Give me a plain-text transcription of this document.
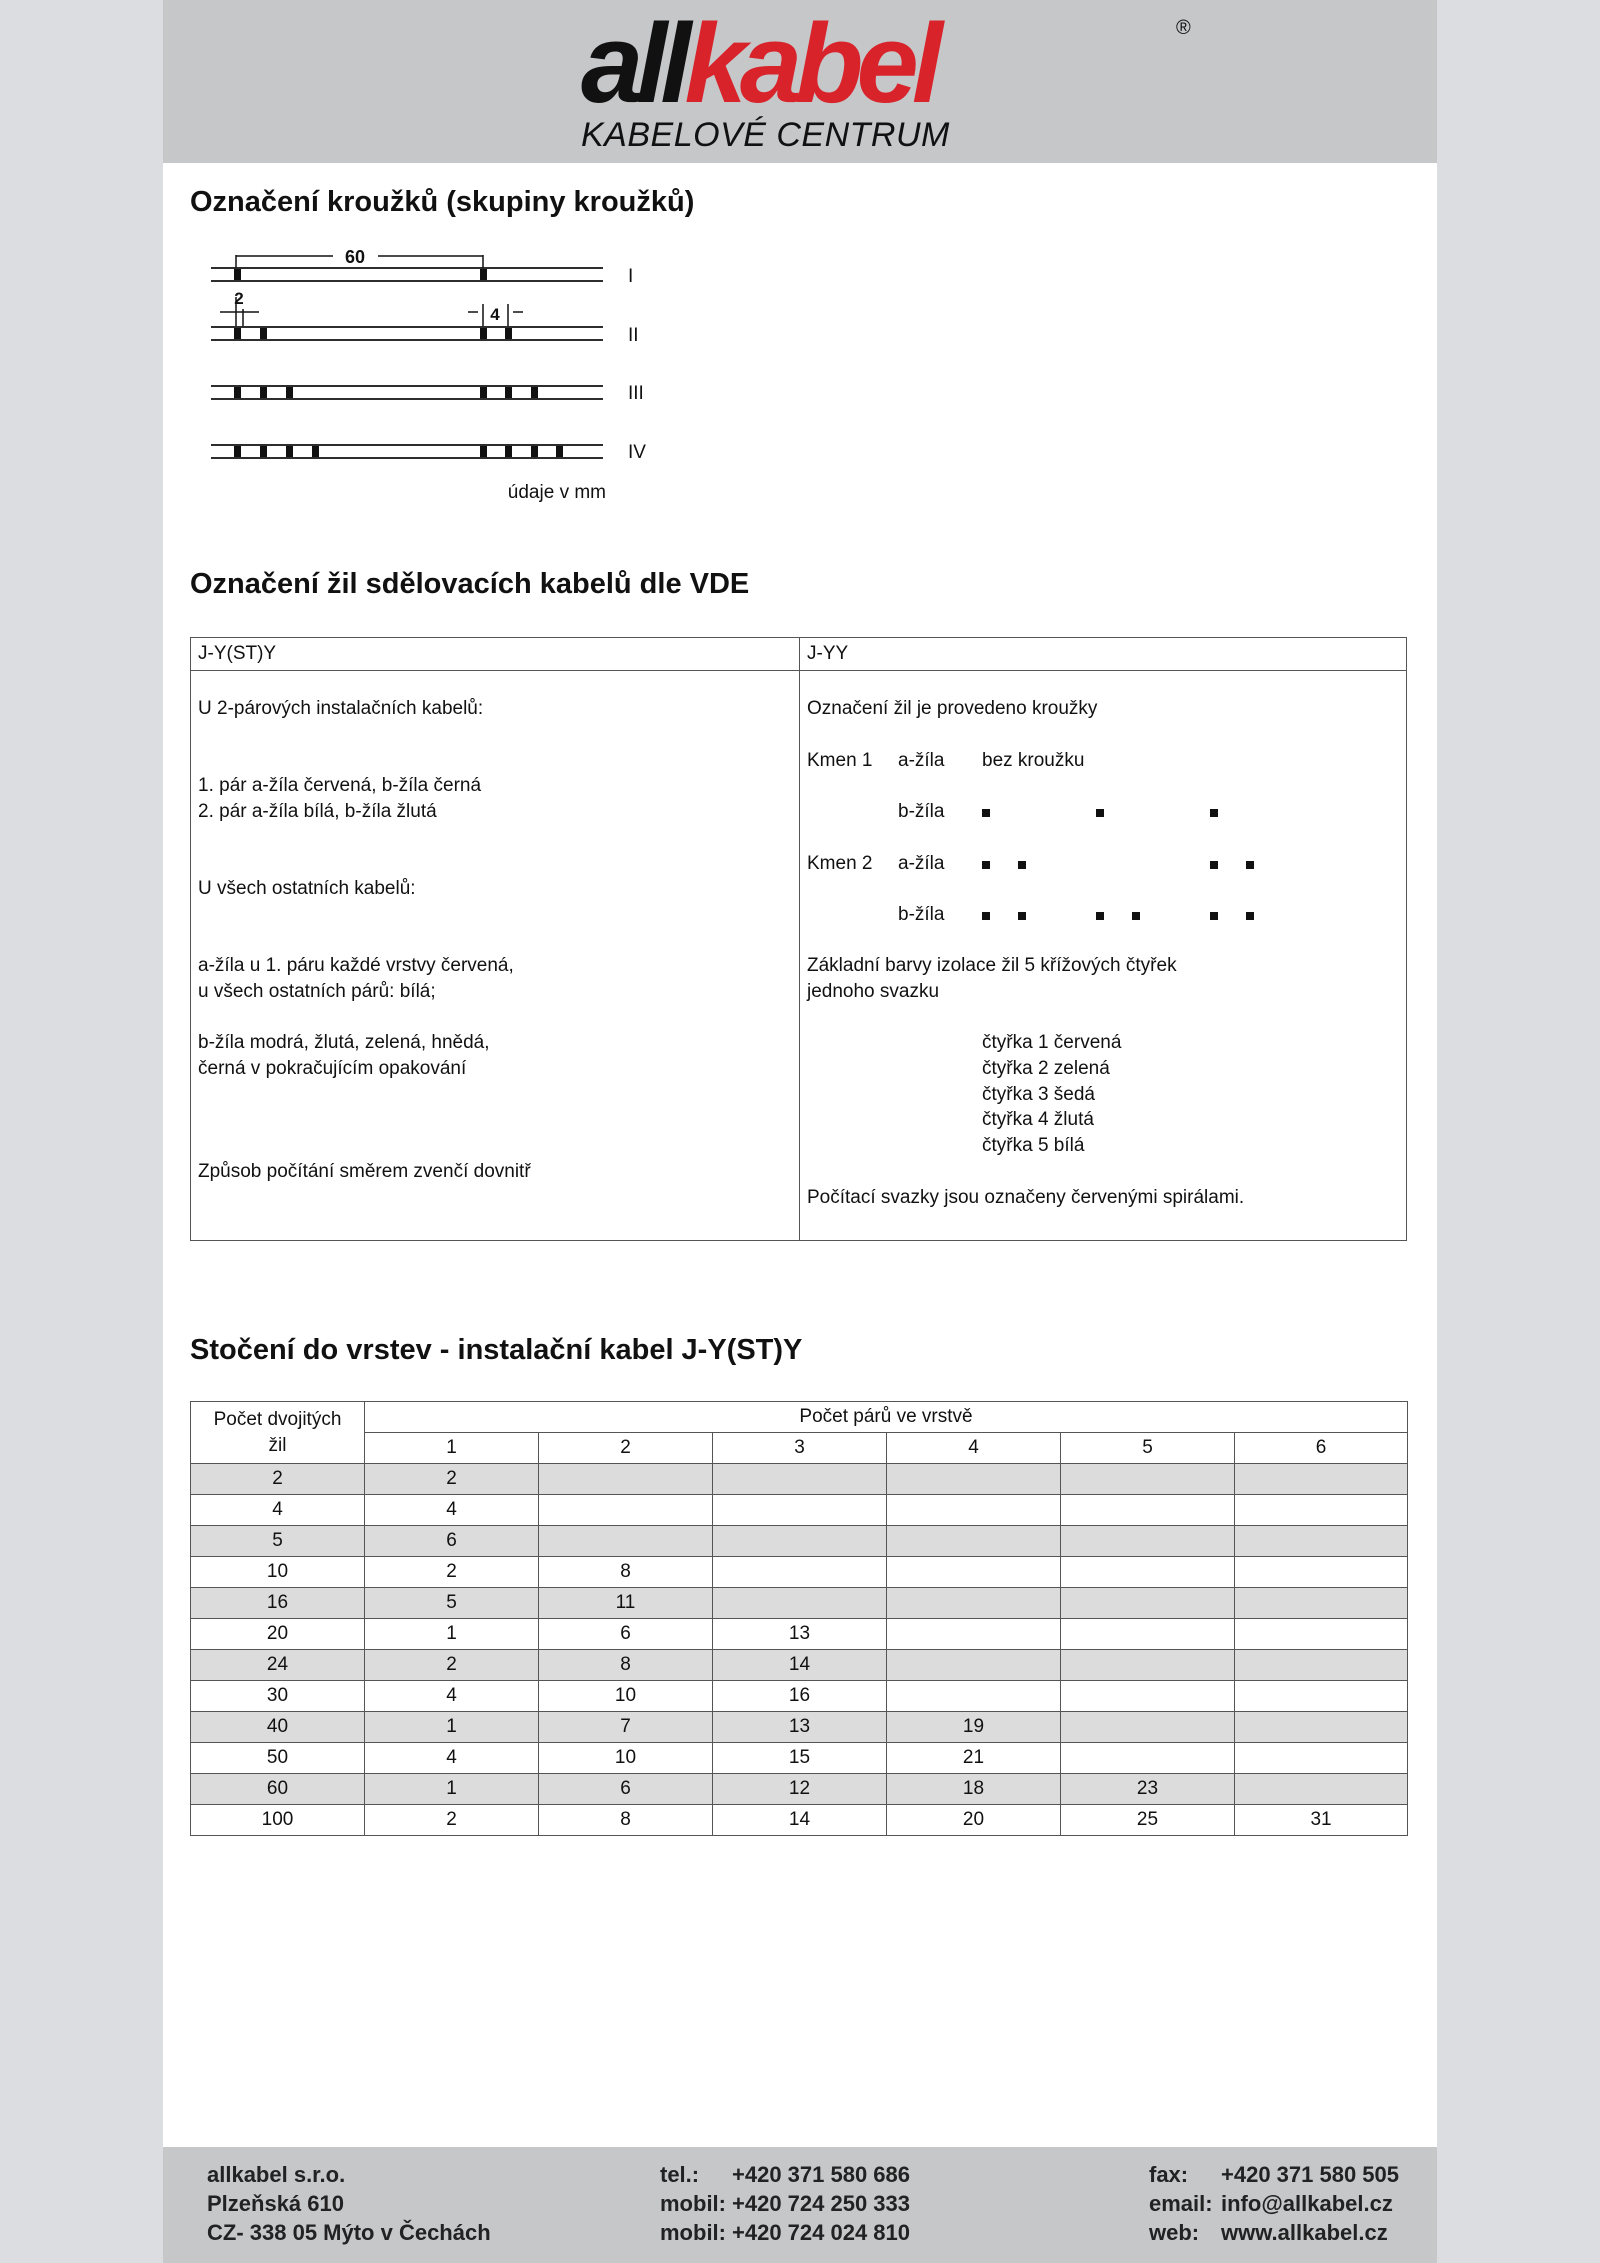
allkabel	®
KABELOVÉ CENTRUM
Označení kroužků (skupiny kroužků)
60
I
2
4
II
III
IV
údaje v mm
Označení žil sdělovacích kabelů dle VDE
J-Y(ST)Y
U 2-párových instalačních kabelů:
1. pár a-žíla červená, b-žíla černá
2. pár a-žíla bílá, b-žíla žlutá
U všech ostatních kabelů:
a-žíla u 1. páru každé vrstvy červená,
u všech ostatních párů: bílá;
b-žíla modrá, žlutá, zelená, hnědá,
černá v pokračujícím opakování
Způsob počítání směrem zvenčí dovnitř
J-YY
Označení žil je provedeno kroužky
Kmen 1 a-žíla bez kroužku
b-žíla
Kmen 2 a-žíla
b-žíla
Základní barvy izolace žil 5 křížových čtyřek
jednoho svazku
čtyřka 1 červená
čtyřka 2 zelená
čtyřka 3 šedá
čtyřka 4 žlutá
čtyřka 5 bílá
Počítací svazky jsou označeny červenými spirálami.
Stočení do vrstev - instalační kabel J-Y(ST)Y
Počet dvojitých žil	Počet párů ve vrstvě					
	1	2	3	4	5	6
2	2					
4	4					
5	6					
10	2	8				
16	5	11				
20	1	6	13			
24	2	8	14			
30	4	10	16			
40	1	7	13	19		
50	4	10	15	21		
60	1	6	12	18	23	
100	2	8	14	20	25	31
allkabel s.r.o.
Plzeňská 610
CZ- 338 05 Mýto v Čechách
tel.: +420 371 580 686
mobil: +420 724 250 333
mobil: +420 724 024 810
fax: +420 371 580 505
email: info@allkabel.cz
web: www.allkabel.cz
